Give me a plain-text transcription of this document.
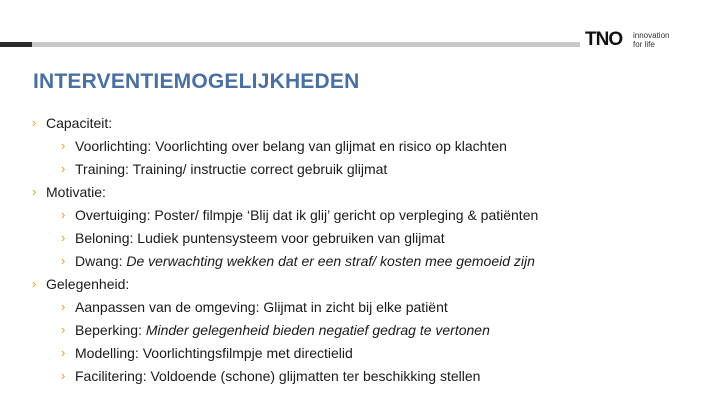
TNO innovation
for life
INTERVENTIEMOGELIJKHEDEN
› Capaciteit:
› Voorlichting: Voorlichting over belang van glijmat en risico op klachten
› Training: Training/ instructie correct gebruik glijmat
› Motivatie:
› Overtuiging: Poster/ filmpje ‘Blij dat ik glij’ gericht op verpleging & patiënten
› Beloning: Ludiek puntensysteem voor gebruiken van glijmat
› Dwang: De verwachting wekken dat er een straf/ kosten mee gemoeid zijn
› Gelegenheid:
› Aanpassen van de omgeving: Glijmat in zicht bij elke patiënt
› Beperking: Minder gelegenheid bieden negatief gedrag te vertonen
› Modelling: Voorlichtingsfilmpje met directielid
› Facilitering: Voldoende (schone) glijmatten ter beschikking stellen
